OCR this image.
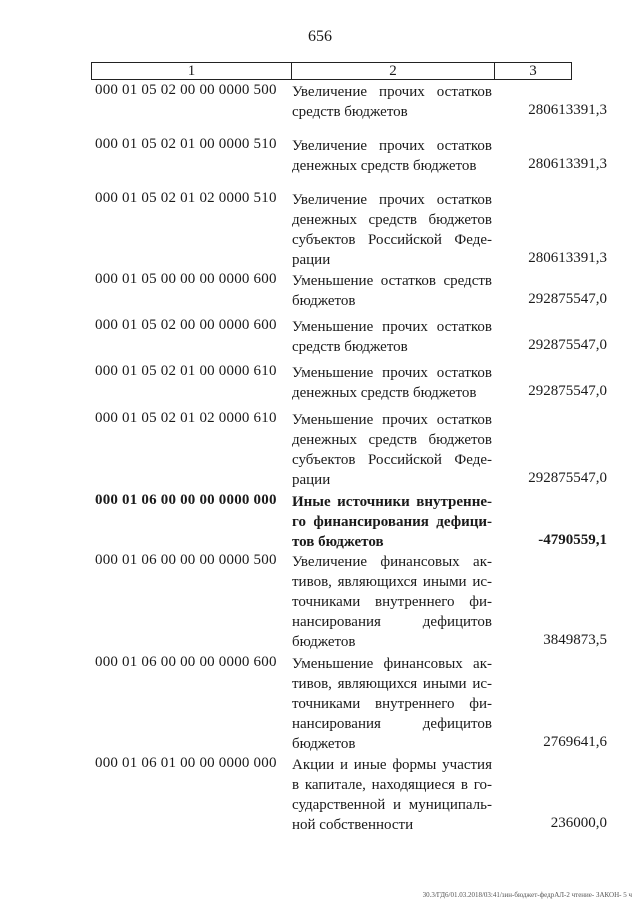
656
1	2	3
000 01 05 02 00 00 0000 500 Увеличение прочих остатков
средств бюджетов	280613391,3
000 01 05 02 01 00 0000 510 Увеличение прочих остатков
денежных средств бюджетов	280613391,3
000 01 05 02 01 02 0000 510 Увеличение прочих остатков
денежных средств бюджетов
субъектов Российской Феде-
рации	280613391,3
000 01 05 00 00 00 0000 600 Уменьшение остатков средств
бюджетов	292875547,0
000 01 05 02 00 00 0000 600 Уменьшение прочих остатков
средств бюджетов	292875547,0
000 01 05 02 01 00 0000 610 Уменьшение прочих остатков
денежных средств бюджетов	292875547,0
000 01 05 02 01 02 0000 610 Уменьшение прочих остатков
денежных средств бюджетов
субъектов Российской Феде-
рации	292875547,0
000 01 06 00 00 00 0000 000 Иные источники внутренне-
го финансирования дефици-
тов бюджетов	-4790559,1
000 01 06 00 00 00 0000 500 Увеличение финансовых ак-
тивов, являющихся иными ис-
точниками внутреннего фи-
нансирования дефицитов
бюджетов	3849873,5
000 01 06 00 00 00 0000 600 Уменьшение финансовых ак-
тивов, являющихся иными ис-
точниками внутреннего фи-
нансирования дефицитов
бюджетов	2769641,6
000 01 06 01 00 00 0000 000 Акции и иные формы участия
в капитале, находящиеся в го-
сударственной и муниципаль-
ной собственности	236000,0
30.3/ГД6/01.03.2018/03:41/зин-бюджет-федрАЛ-2 чтение- ЗАКОН- 5 ч
